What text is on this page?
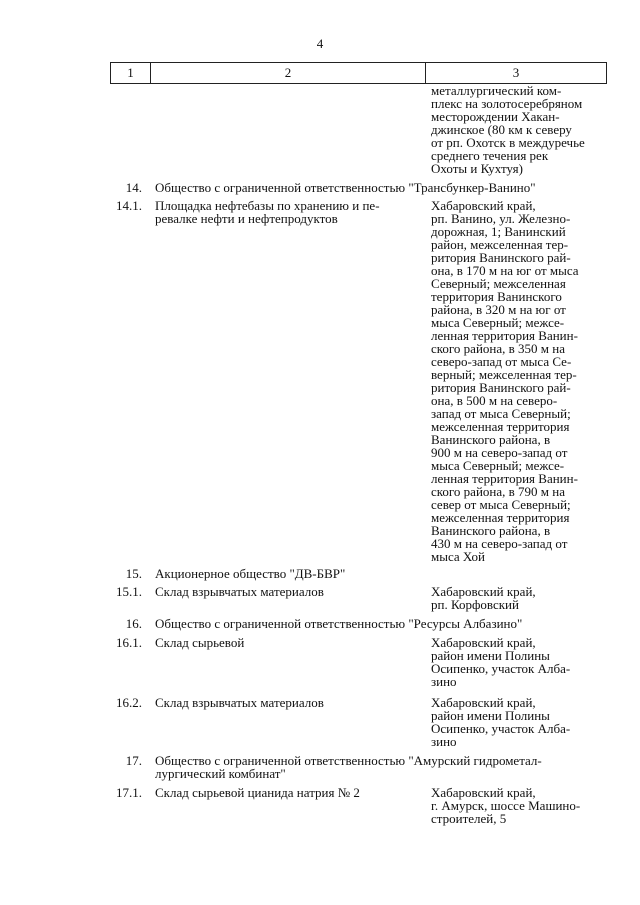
4
1	2	3
металлургический ком-
плекс на золотосеребряном
месторождении Хакан-
джинское (80 км к северу
от рп. Охотск в междуречье
среднего течения рек
Охоты и Кухтуя)
14. Общество с ограниченной ответственностью "Трансбункер-Ванино"
14.1. Площадка нефтебазы по хранению и пе-
ревалке нефти и нефтепродуктов
Хабаровский край,
рп. Ванино, ул. Железно-
дорожная, 1; Ванинский
район, межселенная тер-
ритория Ванинского рай-
она, в 170 м на юг от мыса
Северный; межселенная
территория Ванинского
района, в 320 м на юг от
мыса Северный; межсе-
ленная территория Ванин-
ского района, в 350 м на
северо-запад от мыса Се-
верный; межселенная тер-
ритория Ванинского рай-
она, в 500 м на северо-
запад от мыса Северный;
межселенная территория
Ванинского района, в
900 м на северо-запад от
мыса Северный; межсе-
ленная территория Ванин-
ского района, в 790 м на
север от мыса Северный;
межселенная территория
Ванинского района, в
430 м на северо-запад от
мыса Хой
15. Акционерное общество "ДВ-БВР"
15.1. Склад взрывчатых материалов	Хабаровский край,
рп. Корфовский
16. Общество с ограниченной ответственностью "Ресурсы Албазино"
16.1. Склад сырьевой	Хабаровский край,
район имени Полины
Осипенко, участок Алба-
зино
16.2. Склад взрывчатых материалов	Хабаровский край,
район имени Полины
Осипенко, участок Алба-
зино
17. Общество с ограниченной ответственностью "Амурский гидрометал-
лургический комбинат"
17.1. Склад сырьевой цианида натрия № 2	Хабаровский край,
г. Амурск, шоссе Машино-
строителей, 5
